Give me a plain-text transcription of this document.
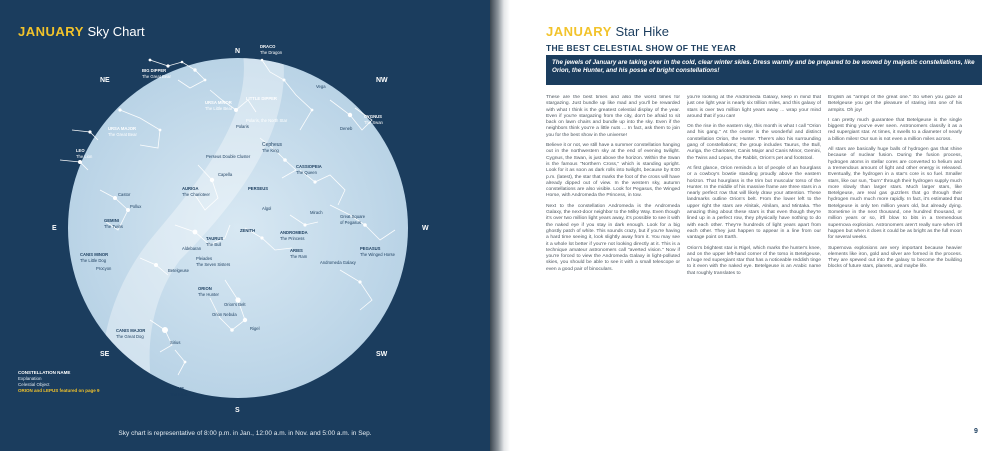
JANUARY Sky Chart
N
NE
E
SE
S
SW
W
NW
DRACO
The Dragon
BIG DIPPER
The Great Bear
URSA MINOR
The Little Bear
LITTLE DIPPER
Polaris, the North Star
URSA MAJOR
The Great Bear
LEO
The Lion
CYGNUS
The Swan
Cepheus
The King
CASSIOPEIA
The Queen
Perseus Double Cluster
AURIGA
The Charioteer
PERSEUS
GEMINI
The Twins
Pleiades
The Seven Sisters
ZENITH	ANDROMEDA
The Princess
TAURUS
The Bull
ARIES
The Ram
Great Square
of Pegasus
PEGASUS
The Winged Horse
CANIS MINOR
The Little Dog
ORION
The Hunter
Betelgeuse
Rigel
CANIS MAJOR
The Great Dog
Sirius
LEPUS
The Hare
Andromeda Galaxy
Castor
Pollux
Capella
Aldebaran
Procyon
Orion Nebula
Orion's Belt
Vega
Deneb
Polaris
Mirach
Algol
CONSTELLATION NAME
Explanation
Celestial Object
ORION and LEPUS featured on page 9
Sky chart is representative of 8:00 p.m. in Jan., 12:00 a.m. in Nov. and 5:00 a.m. in Sep.
JANUARY Star Hike
THE BEST CELESTIAL SHOW OF THE YEAR
The jewels of January are taking over in the cold, clear winter skies. Dress warmly and be prepared to be wowed by majestic constellations, like Orion, the Hunter, and his posse of bright constellations!

These are the best times and also the worst times for stargazing. Just bundle up like mad and you'll be rewarded with what I think is the greatest celestial display of the year. Even if you're stargazing from the city, don't be afraid to sit back on lawn chairs and bundle up into the sky. Even if the neighbors think you're a little nuts ... In fact, ask them to join you for the best show in the universe!

Believe it or not, we still have a summer constellation hanging out in the northwestern sky at the end of evening twilight. Cygnus, the Swan, is just above the horizon. Within the Swan is the famous "Northern Cross," which is standing upright. Look for it as soon as dark rolls into twilight, because by 8:00 p.m. (latest), the star that marks the foot of the cross will have already dipped out of view. In the western sky, autumn constellations are also visible. Look for Pegasus, the Winged Horse, with Andromeda the Princess, in tow.

Next to the constellation Andromeda is the Andromeda Galaxy, the next-door neighbor to the Milky Way. Even though it's over two million light years away, it's possible to see it with the naked eye if you stay in dark enough. Look for a big ghostly patch of white. This sounds crazy, but if you're having a hard time seeing it, look slightly away from it. You may see it a whole lot better if you're not looking directly at it. This is a technique amateur astronomers call "averted vision." Now if you're forced to view the Andromeda Galaxy in light-polluted skies, you should be able to see it with a small telescope or even a good pair of binoculars.

you're looking at the Andromeda Galaxy, keep in mind that just one light year is nearly six trillion miles, and this galaxy of stars is over two million light years away ... wrap your mind around that if you can!

On the rise in the eastern sky, this month is what I call "Orion and his gang." At the center is the wonderful and distinct constellation Orion, the Hunter. There's also his surrounding gang of constellations; the group includes Taurus, the Bull, Auriga, the Charioteer, Canis Major and Canis Minor, Gemini, the Twins and Lepus, the Rabbit, Orion's pet and footstool.

At first glance, Orion reminds a lot of people of an hourglass or a cowboy's bowtie standing proudly above the eastern horizon. That hourglass is the trim but muscular torso of the Hunter. In the middle of his massive frame are three stars in a nearly perfect row that will likely draw your attention. These landmarks outline Orion's belt. From the lower left to the upper right the stars are Alnitak, Alnilam, and Mintaka. The amazing thing about these stars is that even though they're lined up in a perfect row, they physically have nothing to do with each other. They're hundreds of light years apart from each other. They just happen to appear in a line from our vantage point on Earth.

Orion's brightest star is Rigel, which marks the hunter's knee, and on the upper left-hand corner of the torso is Betelgeuse, a huge red supergiant star that has a noticeable reddish tinge to it even with the naked eye. Betelgeuse is an Arabic name that roughly translates to

English as "armpit of the great one." So when you gaze at Betelgeuse you get the pleasure of staring into one of his armpits. Oh joy!

I can pretty much guarantee that Betelgeuse is the single biggest thing you've ever seen. Astronomers classify it as a red supergiant star. At times, it swells to a diameter of nearly a billion miles! Our sun is not even a million miles across.

All stars are basically huge balls of hydrogen gas that shine because of nuclear fusion. During the fusion process, hydrogen atoms in stellar cores are converted to helium and a tremendous amount of light and other energy is released. Eventually, the hydrogen in a star's core is so fuel. Smaller stars, like our sun, "burn" through their hydrogen supply much more slowly than larger stars. Much larger stars, like Betelgeuse, are real gas guzzlers that go through their hydrogen much much more rapidly. In fact, it's estimated that Betelgeuse is only ten million years old, but already dying. Sometime in the next thousand, one hundred thousand, or million years or so, it'll blow to bits in a tremendous supernova explosion. Astronomers aren't really sure when it'll happen but when it does it could be as bright as the full moon for several weeks.

Supernova explosions are very important because heavier elements like iron, gold and silver are formed in the process. They are spewed out into the galaxy to become the building blocks of future stars, planets, and maybe life.

9
